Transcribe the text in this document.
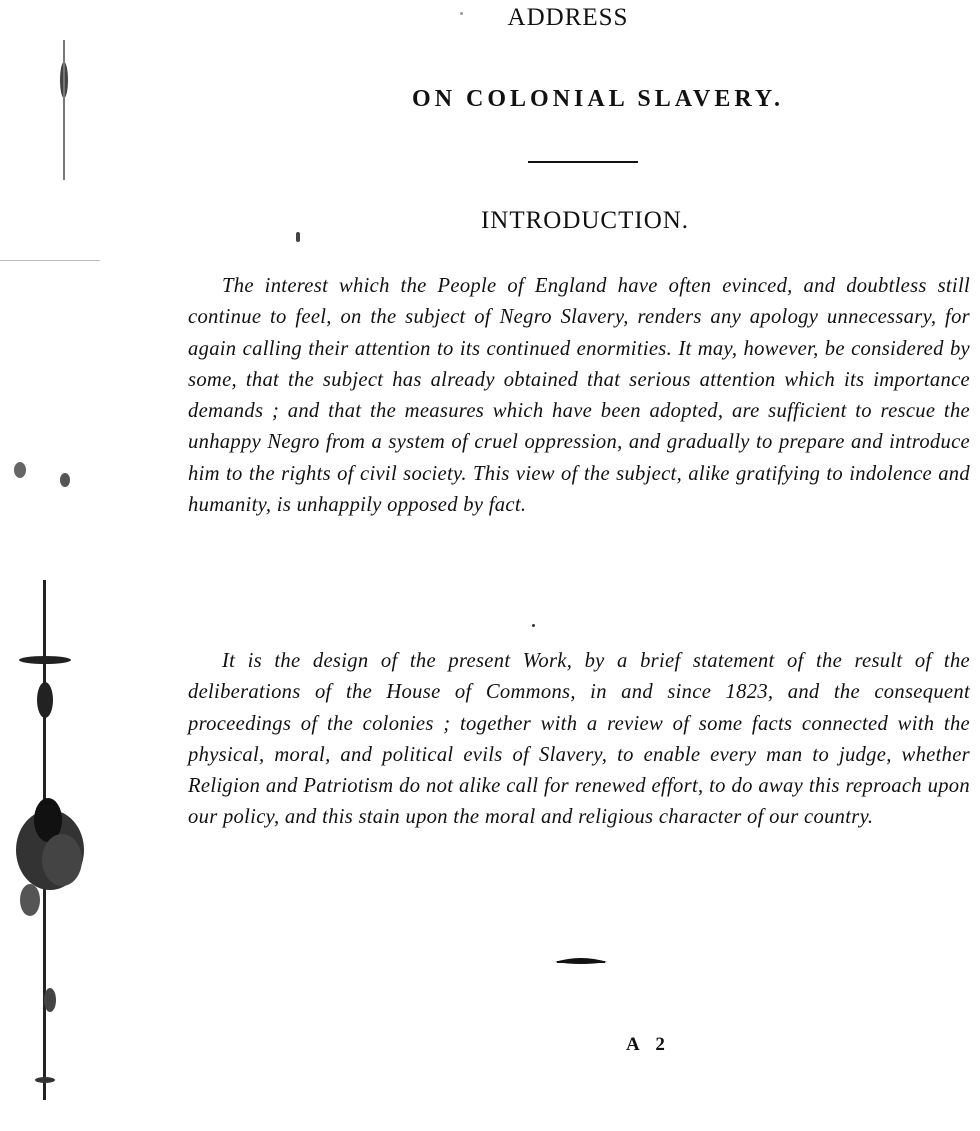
ADDRESS
ON COLONIAL SLAVERY.
INTRODUCTION.

The interest which the People of England have often evinced, and doubtless still continue to feel, on the subject of Negro Slavery, renders any apology unnecessary, for again calling their attention to its continued enormities. It may, however, be considered by some, that the subject has already obtained that serious attention which its importance demands ; and that the measures which have been adopted, are sufficient to rescue the unhappy Negro from a system of cruel oppression, and gradually to prepare and introduce him to the rights of civil society. This view of the subject, alike gratifying to indolence and humanity, is unhappily opposed by fact.

It is the design of the present Work, by a brief statement of the result of the deliberations of the House of Commons, in and since 1823, and the consequent proceedings of the colonies ; together with a review of some facts connected with the physical, moral, and political evils of Slavery, to enable every man to judge, whether Religion and Patriotism do not alike call for renewed effort, to do away this reproach upon our policy, and this stain upon the moral and religious character of our country.

A 2
